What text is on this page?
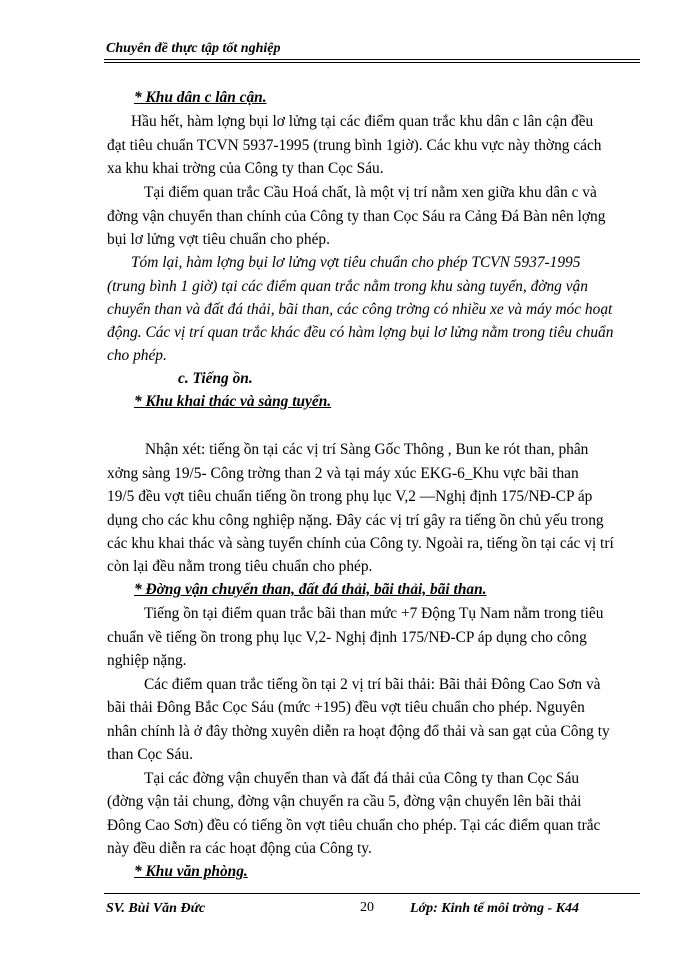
Chuyên đề thực tập tốt nghiệp
* Khu dân c lân cận.
Hầu hết, hàm lợng bụi lơ lửng tại các điểm quan trắc khu dân c lân cận đều
đạt tiêu chuẩn TCVN 5937-1995 (trung bình 1giờ). Các khu vực này thờng cách
xa khu khai trờng của Công ty than Cọc Sáu.
Tại điểm quan trắc Cầu Hoá chất, là một vị trí nằm xen giữa khu dân c và
đờng vận chuyển than chính của Công ty than Cọc Sáu ra Cảng Đá Bàn nên lợng
bụi lơ lửng vợt tiêu chuẩn cho phép.
Tóm lại, hàm lợng bụi lơ lửng vợt tiêu chuẩn cho phép TCVN 5937-1995
(trung bình 1 giờ) tại các điểm quan trắc nằm trong khu sàng tuyển, đờng vận
chuyển than và đất đá thải, bãi than, các công trờng có nhiều xe và máy móc hoạt
động. Các vị trí quan trắc khác đều có hàm lợng bụi lơ lửng nằm trong tiêu chuẩn
cho phép.
c. Tiếng ồn.
* Khu khai thác và sàng tuyển.
Nhận xét: tiếng ồn tại các vị trí Sàng Gốc Thông , Bun ke rót than, phân
xởng sàng 19/5- Công trờng than 2 và tại máy xúc EKG-6_Khu vực bãi than
19/5 đều vợt tiêu chuẩn tiếng ồn trong phụ lục V,2 —Nghị định 175/NĐ-CP áp
dụng cho các khu công nghiệp nặng. Đây các vị trí gây ra tiếng ồn chủ yếu trong
các khu khai thác và sàng tuyển chính của Công ty. Ngoài ra, tiếng ồn tại các vị trí
còn lại đều nằm trong tiêu chuẩn cho phép.
* Đờng vận chuyển than, đất đá thải, bãi thải, bãi than.
Tiếng ồn tại điểm quan trắc bãi than mức +7 Động Tụ Nam nằm trong tiêu
chuẩn về tiếng ồn trong phụ lục V,2- Nghị định 175/NĐ-CP áp dụng cho công
nghiệp nặng.
Các điểm quan trắc tiếng ồn tại 2 vị trí bãi thải: Bãi thải Đông Cao Sơn và
bãi thải Đông Bắc Cọc Sáu (mức +195) đều vợt tiêu chuẩn cho phép. Nguyên
nhân chính là ở đây thờng xuyên diễn ra hoạt động đổ thải và san gạt của Công ty
than Cọc Sáu.
Tại các đờng vận chuyển than và đất đá thải của Công ty than Cọc Sáu
(đờng vận tải chung, đờng vận chuyển ra cầu 5, đờng vận chuyển lên bãi thải
Đông Cao Sơn) đều có tiếng ồn vợt tiêu chuẩn cho phép. Tại các điểm quan trắc
này đều diễn ra các hoạt động của Công ty.
* Khu văn phòng.
SV. Bùi Văn Đức	20	Lớp: Kinh tế môi trờng - K44
